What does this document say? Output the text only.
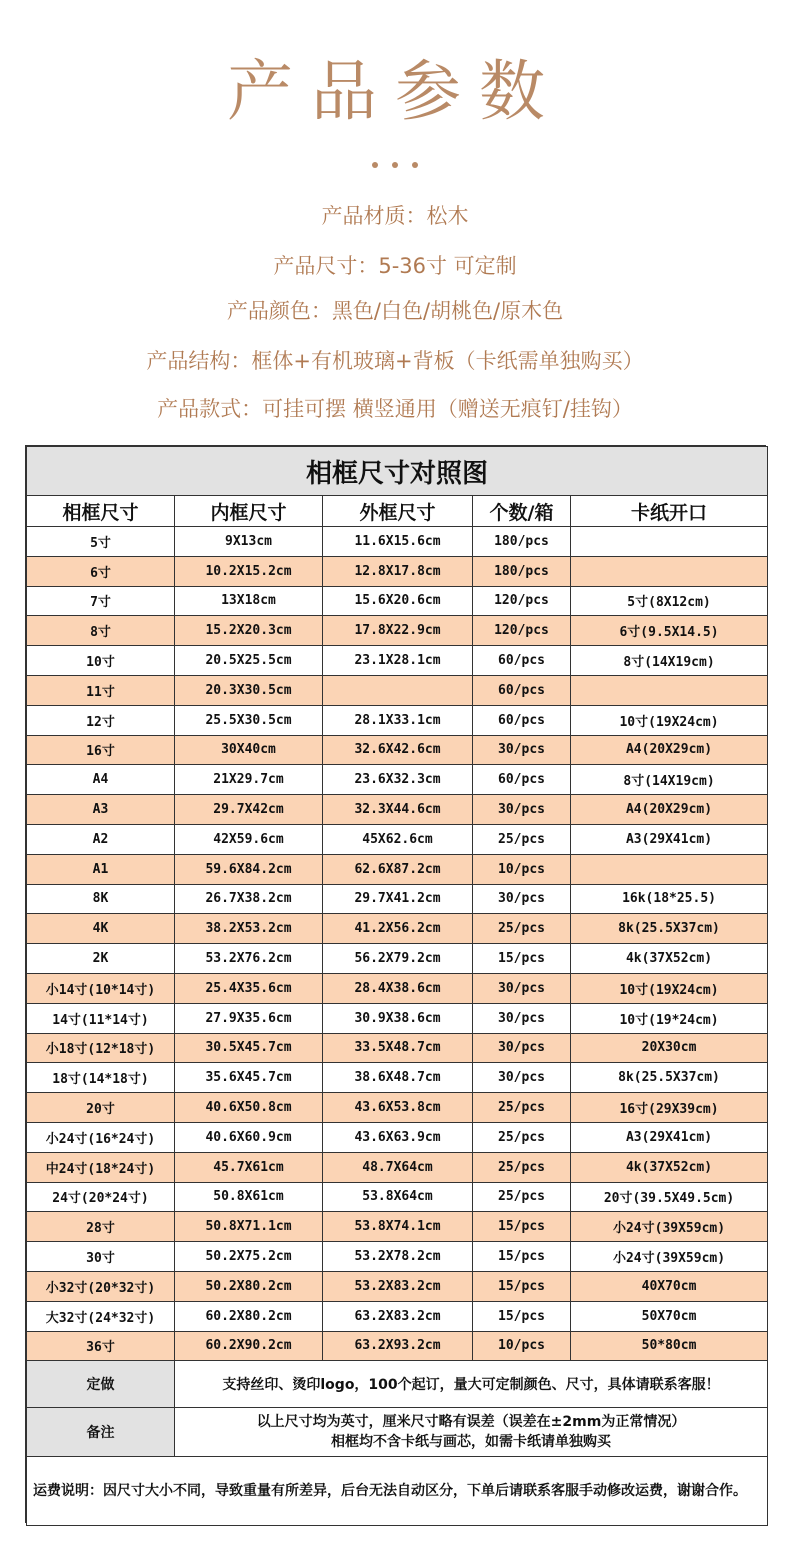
产品参数

产品材质：松木
产品尺寸：5-36寸 可定制
产品颜色：黑色/白色/胡桃色/原木色
产品结构：框体+有机玻璃+背板（卡纸需单独购买）
产品款式：可挂可摆 横竖通用（赠送无痕钉/挂钩）
相框尺寸对照图				
相框尺寸	内框尺寸	外框尺寸	个数/箱	卡纸开口
5寸	9X13cm	11.6X15.6cm	180/pcs	
6寸	10.2X15.2cm	12.8X17.8cm	180/pcs	
7寸	13X18cm	15.6X20.6cm	120/pcs	5寸(8X12cm)
8寸	15.2X20.3cm	17.8X22.9cm	120/pcs	6寸(9.5X14.5)
10寸	20.5X25.5cm	23.1X28.1cm	60/pcs	8寸(14X19cm)
11寸	20.3X30.5cm		60/pcs	
12寸	25.5X30.5cm	28.1X33.1cm	60/pcs	10寸(19X24cm)
16寸	30X40cm	32.6X42.6cm	30/pcs	A4(20X29cm)
A4	21X29.7cm	23.6X32.3cm	60/pcs	8寸(14X19cm)
A3	29.7X42cm	32.3X44.6cm	30/pcs	A4(20X29cm)
A2	42X59.6cm	45X62.6cm	25/pcs	A3(29X41cm)
A1	59.6X84.2cm	62.6X87.2cm	10/pcs	
8K	26.7X38.2cm	29.7X41.2cm	30/pcs	16k(18*25.5)
4K	38.2X53.2cm	41.2X56.2cm	25/pcs	8k(25.5X37cm)
2K	53.2X76.2cm	56.2X79.2cm	15/pcs	4k(37X52cm)
小14寸(10*14寸)	25.4X35.6cm	28.4X38.6cm	30/pcs	10寸(19X24cm)
14寸(11*14寸)	27.9X35.6cm	30.9X38.6cm	30/pcs	10寸(19*24cm)
小18寸(12*18寸)	30.5X45.7cm	33.5X48.7cm	30/pcs	20X30cm
18寸(14*18寸)	35.6X45.7cm	38.6X48.7cm	30/pcs	8k(25.5X37cm)
20寸	40.6X50.8cm	43.6X53.8cm	25/pcs	16寸(29X39cm)
小24寸(16*24寸)	40.6X60.9cm	43.6X63.9cm	25/pcs	A3(29X41cm)
中24寸(18*24寸)	45.7X61cm	48.7X64cm	25/pcs	4k(37X52cm)
24寸(20*24寸)	50.8X61cm	53.8X64cm	25/pcs	20寸(39.5X49.5cm)
28寸	50.8X71.1cm	53.8X74.1cm	15/pcs	小24寸(39X59cm)
30寸	50.2X75.2cm	53.2X78.2cm	15/pcs	小24寸(39X59cm)
小32寸(20*32寸)	50.2X80.2cm	53.2X83.2cm	15/pcs	40X70cm
大32寸(24*32寸)	60.2X80.2cm	63.2X83.2cm	15/pcs	50X70cm
36寸	60.2X90.2cm	63.2X93.2cm	10/pcs	50*80cm
定做	支持丝印、烫印logo，100个起订，量大可定制颜色、尺寸，具体请联系客服！			
备注	以上尺寸均为英寸，厘米尺寸略有误差（误差在±2mm为正常情况）
相框均不含卡纸与画芯，如需卡纸请单独购买			

运费说明：因尺寸大小不同，导致重量有所差异，后台无法自动区分，下单后请联系客服手动修改运费，谢谢合作。				
